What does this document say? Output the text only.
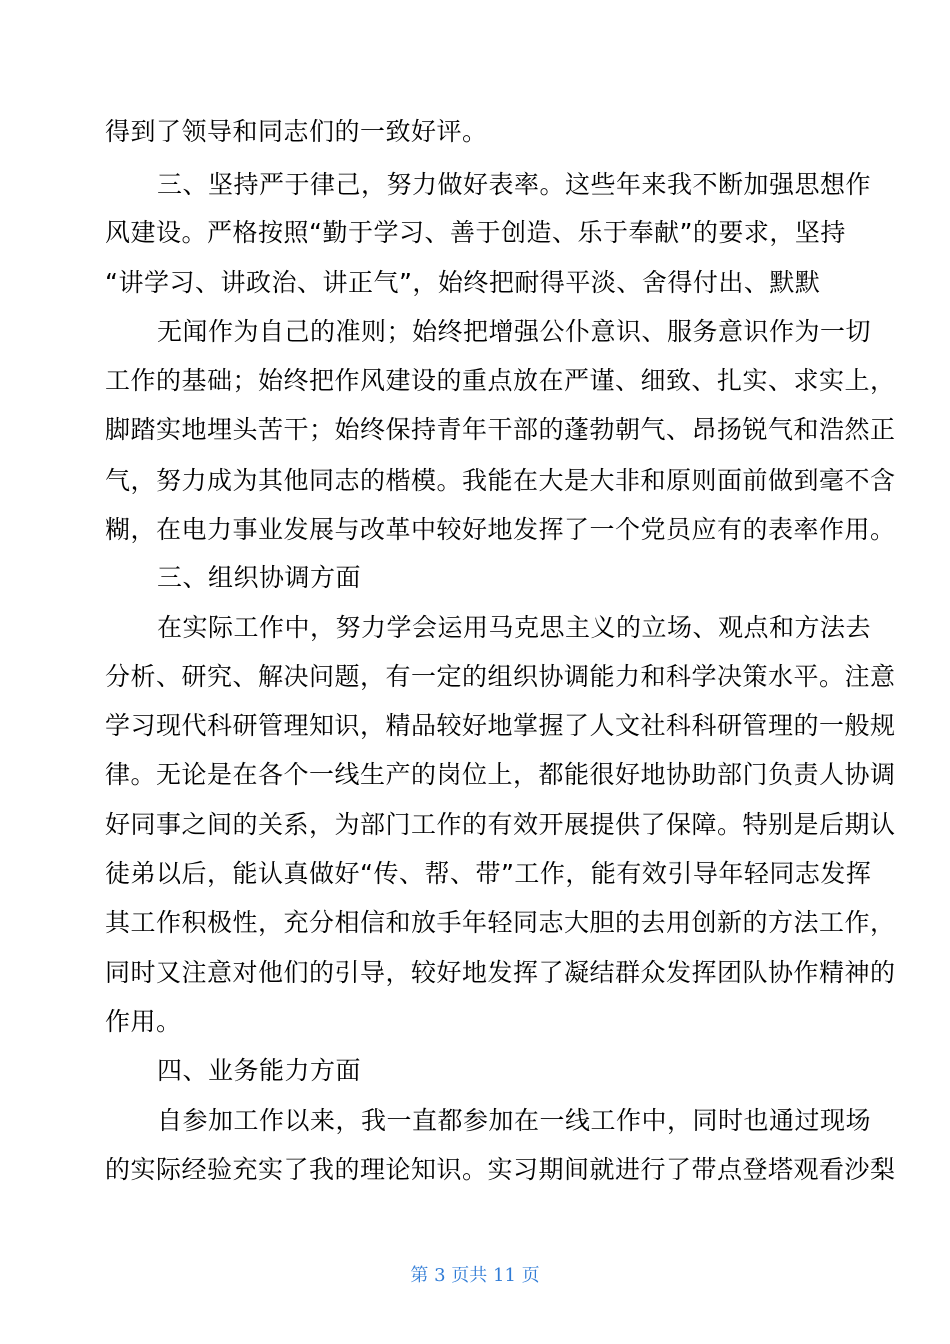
得到了领导和同志们的一致好评。
三、坚持严于律己，努力做好表率。这些年来我不断加强思想作
风建设。严格按照“勤于学习、善于创造、乐于奉献”的要求，坚持
“讲学习、讲政治、讲正气”，始终把耐得平淡、舍得付出、默默
无闻作为自己的准则；始终把增强公仆意识、服务意识作为一切
工作的基础；始终把作风建设的重点放在严谨、细致、扎实、求实上，
脚踏实地埋头苦干；始终保持青年干部的蓬勃朝气、昂扬锐气和浩然正
气，努力成为其他同志的楷模。我能在大是大非和原则面前做到毫不含
糊，在电力事业发展与改革中较好地发挥了一个党员应有的表率作用。
三、组织协调方面
在实际工作中，努力学会运用马克思主义的立场、观点和方法去
分析、研究、解决问题，有一定的组织协调能力和科学决策水平。注意
学习现代科研管理知识，精品较好地掌握了人文社科科研管理的一般规
律。无论是在各个一线生产的岗位上，都能很好地协助部门负责人协调
好同事之间的关系，为部门工作的有效开展提供了保障。特别是后期认
徒弟以后，能认真做好“传、帮、带”工作，能有效引导年轻同志发挥
其工作积极性，充分相信和放手年轻同志大胆的去用创新的方法工作，
同时又注意对他们的引导，较好地发挥了凝结群众发挥团队协作精神的
作用。
四、业务能力方面
自参加工作以来，我一直都参加在一线工作中，同时也通过现场
的实际经验充实了我的理论知识。实习期间就进行了带点登塔观看沙梨
第 3 页共 11 页
